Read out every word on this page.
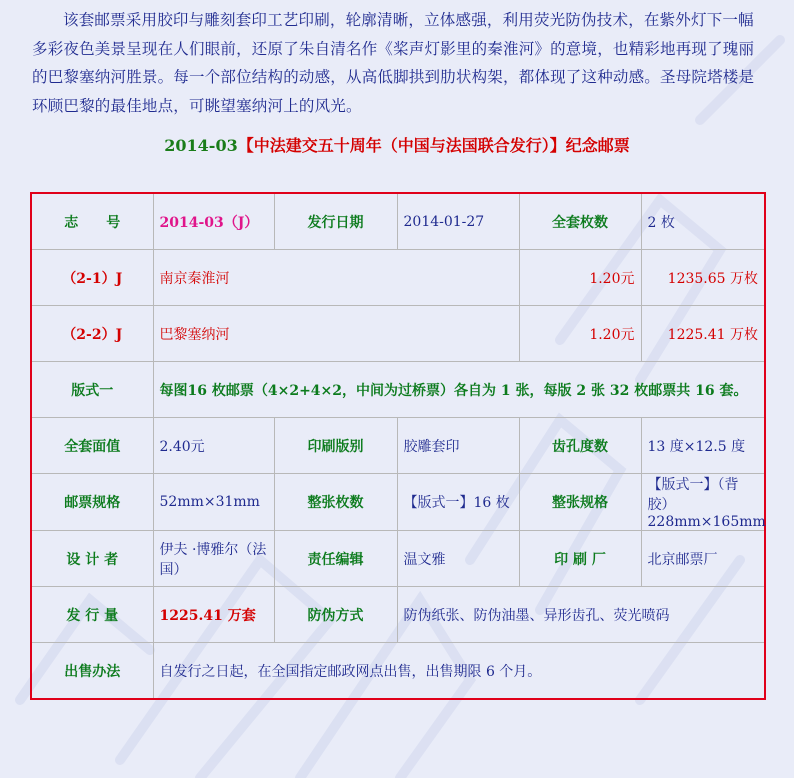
该套邮票采用胶印与雕刻套印工艺印刷，轮廓清晰，立体感强，利用荧光防伪技术，在紫外灯下一幅多彩夜色美景呈现在人们眼前，还原了朱自清名作《桨声灯影里的秦淮河》的意境，也精彩地再现了瑰丽的巴黎塞纳河胜景。每一个部位结构的动感，从高低脚拱到肋状构架，都体现了这种动感。圣母院塔楼是环顾巴黎的最佳地点，可眺望塞纳河上的风光。

2014-03【中法建交五十周年（中国与法国联合发行）】纪念邮票
志　　号	2014-03（J）	发行日期	2014-01-27	全套枚数	2 枚
（2-1）J	南京秦淮河			1.20元	1235.65 万枚
（2-2）J	巴黎塞纳河			1.20元	1225.41 万枚
版式一	每图16 枚邮票（4×2+4×2，中间为过桥票）各自为 1 张，每版 2 张 32 枚邮票共 16 套。				
全套面值	2.40元	印刷版别	胶雕套印	齿孔度数	13 度×12.5 度
邮票规格	52mm×31mm	整张枚数	【版式一】16 枚	整张规格	【版式一】（背胶）
228mm×165mm

设 计 者	伊夫 ·博雅尔（法国）	责任编辑	温文雅	印 刷 厂	北京邮票厂
发 行 量	1225.41 万套	防伪方式	防伪纸张、防伪油墨、异形齿孔、荧光喷码		
出售办法	自发行之日起，在全国指定邮政网点出售，出售期限 6 个月。				
